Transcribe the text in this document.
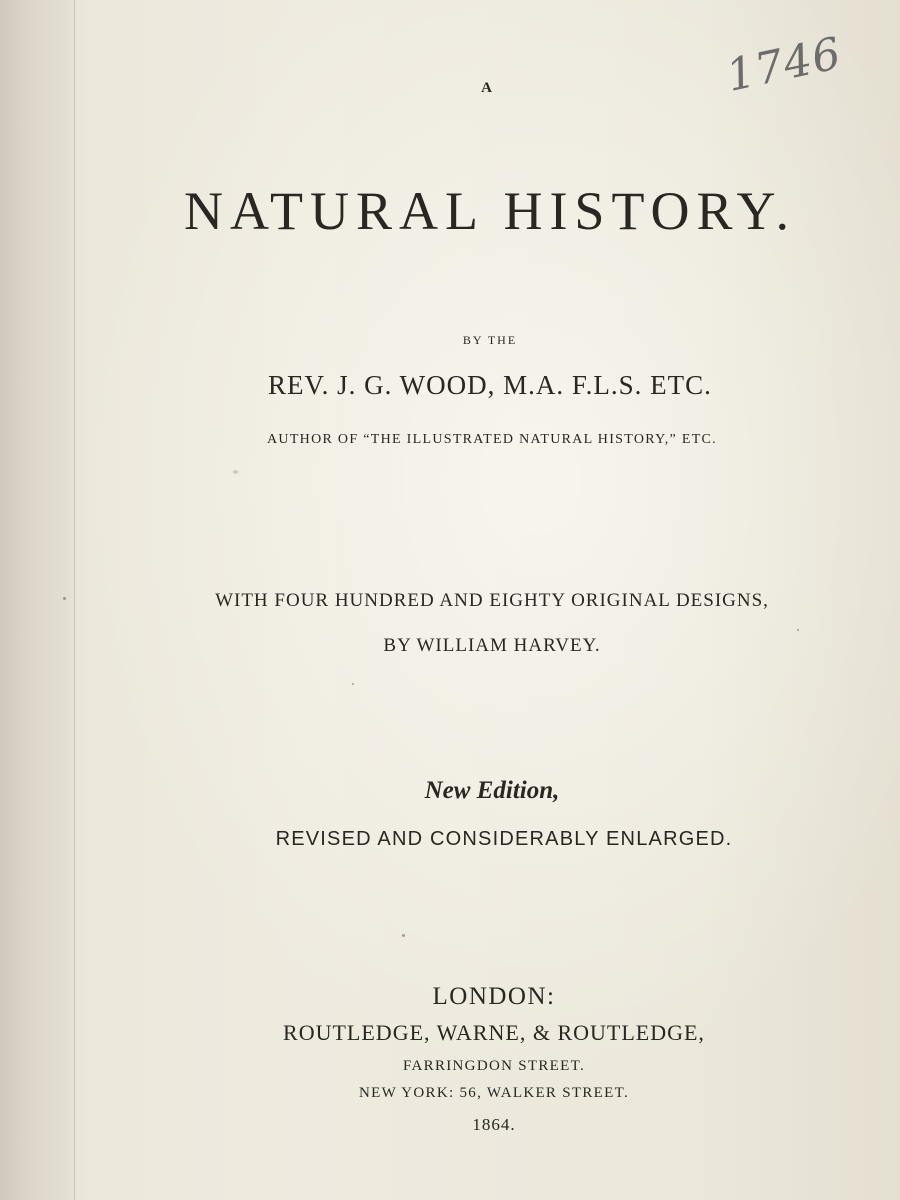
1746
A
NATURAL HISTORY.
BY THE
REV. J. G. WOOD, M.A. F.L.S. ETC.
AUTHOR OF “THE ILLUSTRATED NATURAL HISTORY,” ETC.
WITH FOUR HUNDRED AND EIGHTY ORIGINAL DESIGNS,
BY WILLIAM HARVEY.
New Edition,
REVISED AND CONSIDERABLY ENLARGED.
LONDON:
ROUTLEDGE, WARNE, & ROUTLEDGE,
FARRINGDON STREET.
NEW YORK: 56, WALKER STREET.
1864.
